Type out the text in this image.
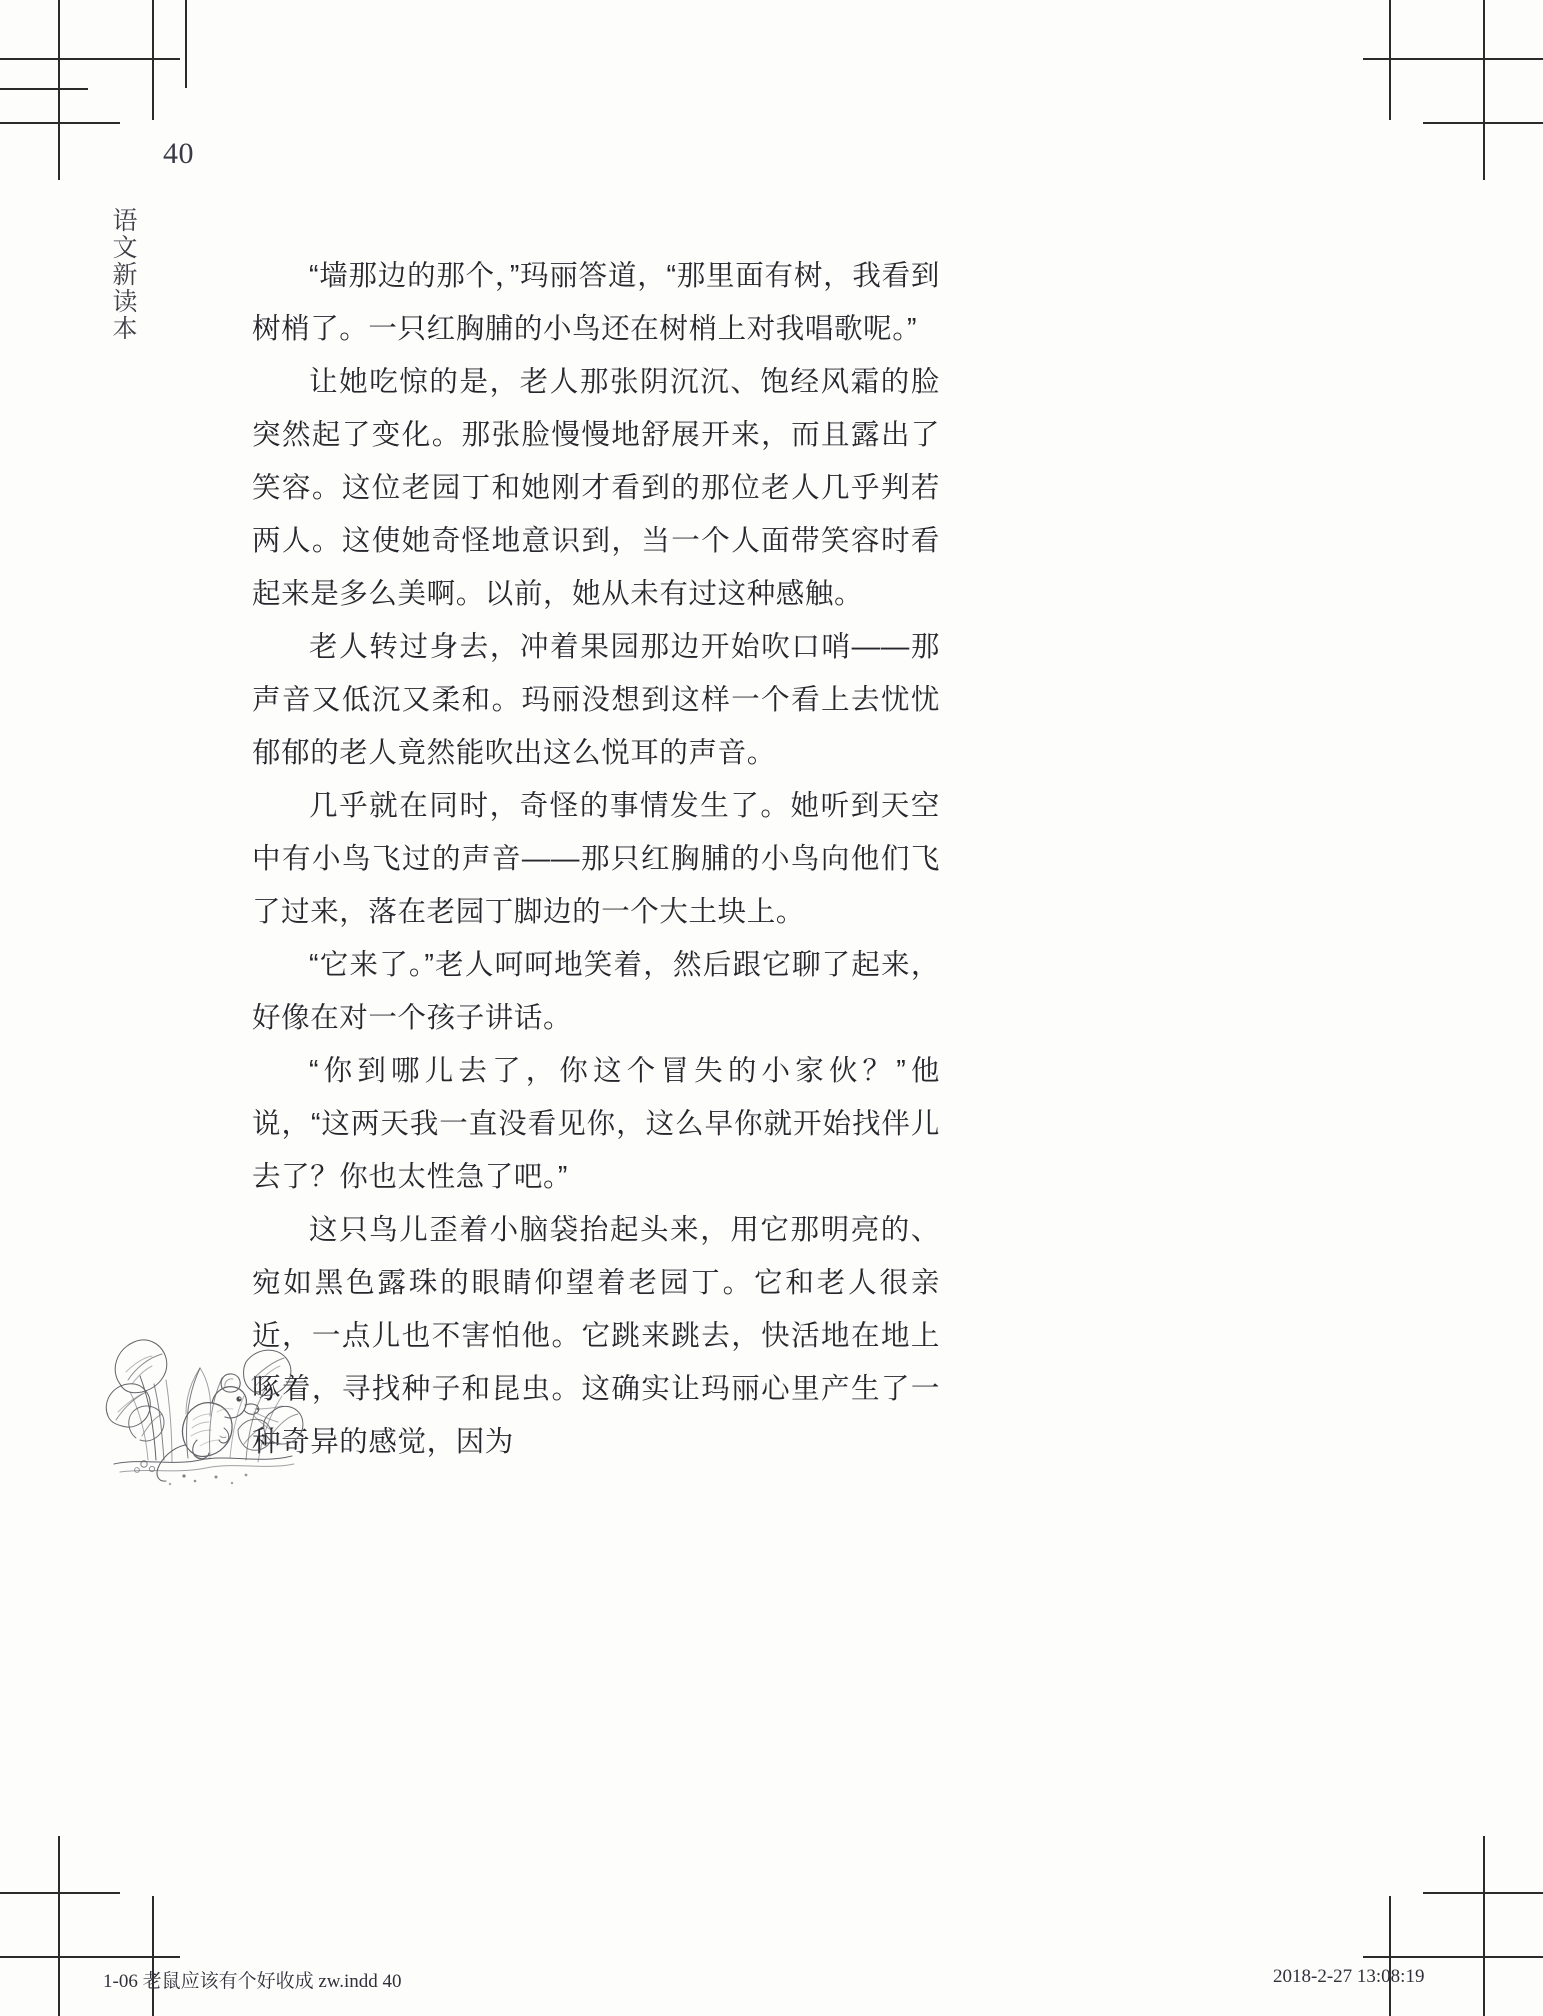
40
语文新读本	“墙那边的那个，”玛丽答道，“那里面有树，我看到树梢了。一只红胸脯的小鸟还在树梢上对我唱歌呢。”

让她吃惊的是，老人那张阴沉沉、饱经风霜的脸突然起了变化。那张脸慢慢地舒展开来，而且露出了笑容。这位老园丁和她刚才看到的那位老人几乎判若两人。这使她奇怪地意识到，当一个人面带笑容时看起来是多么美啊。以前，她从未有过这种感触。

老人转过身去，冲着果园那边开始吹口哨——那声音又低沉又柔和。玛丽没想到这样一个看上去忧忧郁郁的老人竟然能吹出这么悦耳的声音。

几乎就在同时，奇怪的事情发生了。她听到天空中有小鸟飞过的声音——那只红胸脯的小鸟向他们飞了过来，落在老园丁脚边的一个大土块上。

“它来了。”老人呵呵地笑着，然后跟它聊了起来，好像在对一个孩子讲话。

“你到哪儿去了，你这个冒失的小家伙？”他说，“这两天我一直没看见你，这么早你就开始找伴儿去了？你也太性急了吧。”

这只鸟儿歪着小脑袋抬起头来，用它那明亮的、宛如黑色露珠的眼睛仰望着老园丁。它和老人很亲近，一点儿也不害怕他。它跳来跳去，快活地在地上啄着，寻找种子和昆虫。这确实让玛丽心里产生了一种奇异的感觉，因为

1-06 老鼠应该有个好收成 zw.indd 40	2018-2-27 13:08:19
